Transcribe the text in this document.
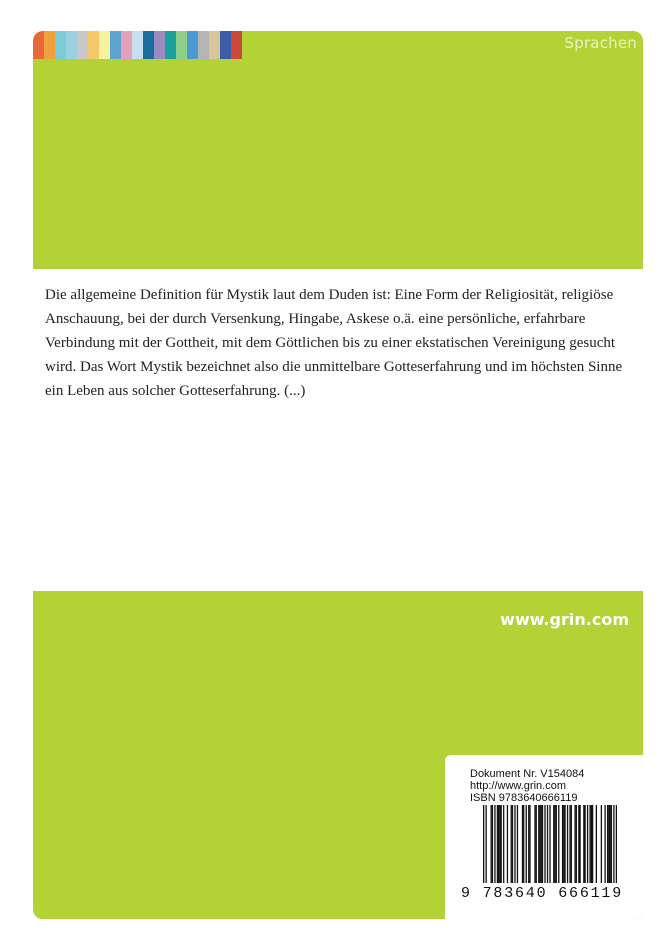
Sprachen

Die allgemeine Definition für Mystik laut dem Duden ist: Eine Form der Religiosität, religiöse Anschauung, bei der durch Versenkung, Hingabe, Askese o.ä. eine persönliche, erfahrbare Verbindung mit der Gottheit, mit dem Göttlichen bis zu einer ekstatischen Vereinigung gesucht wird. Das Wort Mystik bezeichnet also die unmittelbare Gotteserfahrung und im höchsten Sinne ein Leben aus solcher Gotteserfahrung. (...)

www.grin.com
Dokument Nr. V154084
http://www.grin.com
ISBN 9783640666119
9 783640 666119
